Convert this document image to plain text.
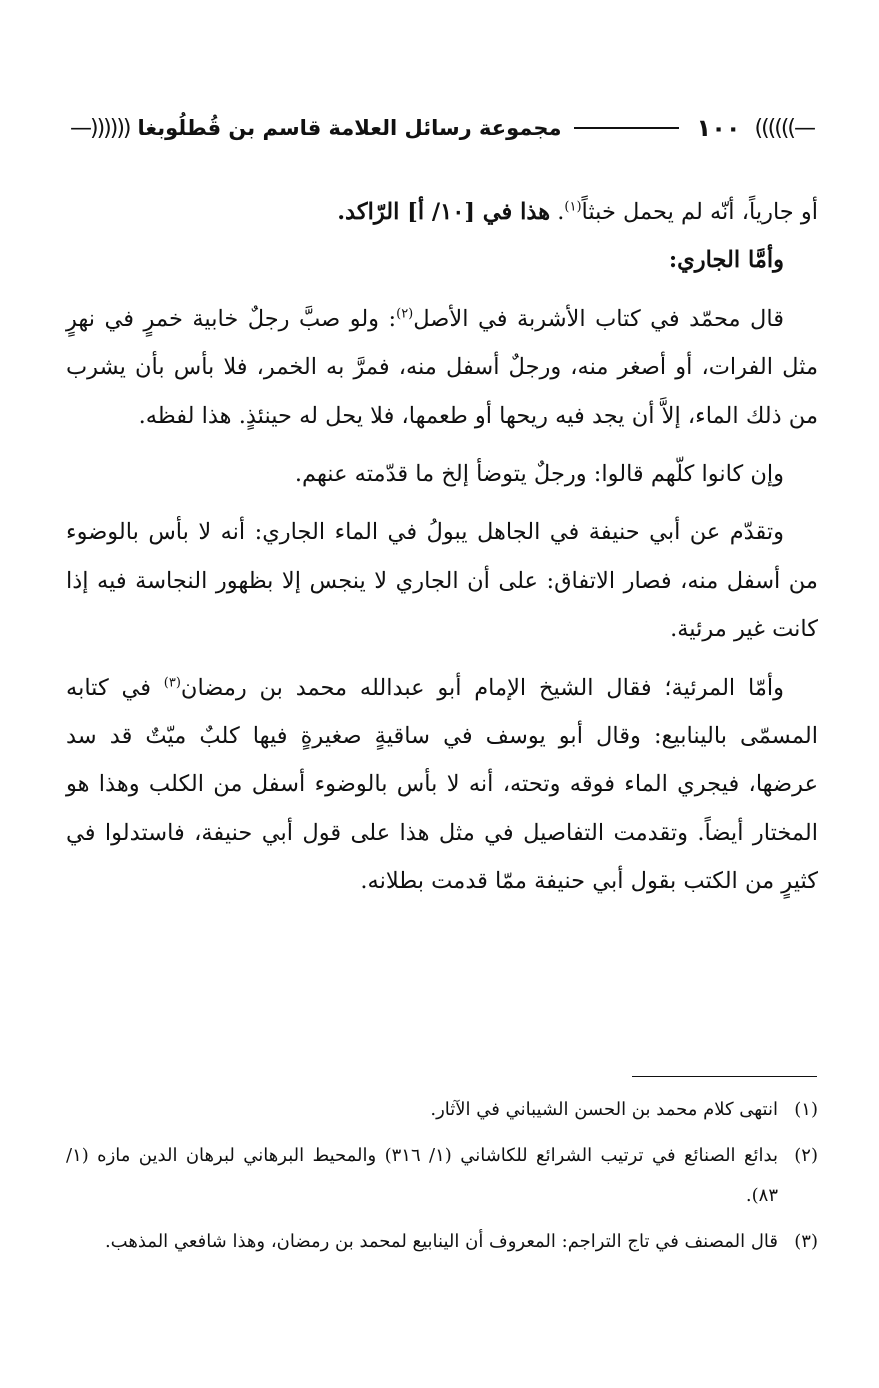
—))))))
١٠٠
مجموعة رسائل العلامة قاسم بن قُطلُوبغا
((((((—

أو جارياً، أنّه لم يحمل خبثاً$^{(١)}$. هذا في [١٠/ أ] الرّاكد.

وأمَّا الجاري:

قال محمّد في كتاب الأشربة في الأصل$^{(٢)}$: ولو صبَّ رجلٌ خابية خمرٍ في نهرٍ مثل الفرات، أو أصغر منه، ورجلٌ أسفل منه، فمرَّ به الخمر، فلا بأس بأن يشرب من ذلك الماء، إلاَّ أن يجد فيه ريحها أو طعمها، فلا يحل له حينئذٍ. هذا لفظه.

وإن كانوا كلّهم قالوا: ورجلٌ يتوضأ إلخ ما قدّمته عنهم.

وتقدّم عن أبي حنيفة في الجاهل يبولُ في الماء الجاري: أنه لا بأس بالوضوء من أسفل منه، فصار الاتفاق: على أن الجاري لا ينجس إلا بظهور النجاسة فيه إذا كانت غير مرئية.

وأمّا المرئية؛ فقال الشيخ الإمام أبو عبدالله محمد بن رمضان$^{(٣)}$ في كتابه المسمّى بالينابيع: وقال أبو يوسف في ساقيةٍ صغيرةٍ فيها كلبٌ ميّتٌ قد سد عرضها، فيجري الماء فوقه وتحته، أنه لا بأس بالوضوء أسفل من الكلب وهذا هو المختار أيضاً. وتقدمت التفاصيل في مثل هذا على قول أبي حنيفة، فاستدلوا في كثيرٍ من الكتب بقول أبي حنيفة ممّا قدمت بطلانه.

(١)
انتهى كلام محمد بن الحسن الشيباني في الآثار.
(٢)
بدائع الصنائع في ترتيب الشرائع للكاشاني (١/ ٣١٦) والمحيط البرهاني لبرهان الدين مازه (١/ ٨٣).
(٣)
قال المصنف في تاج التراجم: المعروف أن الينابيع لمحمد بن رمضان، وهذا شافعي المذهب.
